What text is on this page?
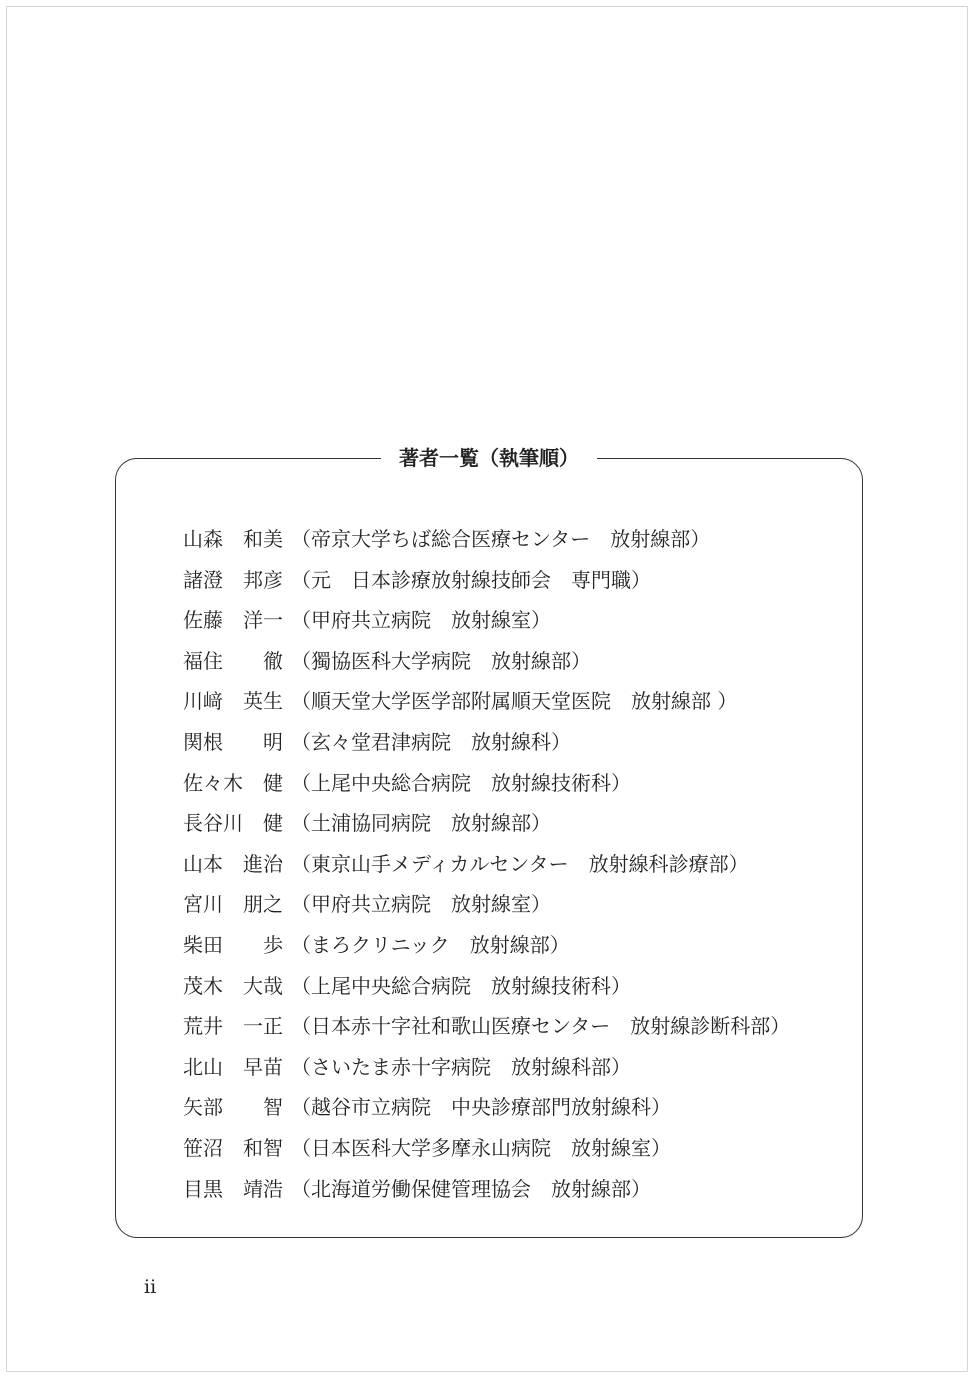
著者一覧（執筆順）
山森　和美 （帝京大学ちば総合医療センター　放射線部）
諸澄　邦彦 （元　日本診療放射線技師会　専門職）
佐藤　洋一 （甲府共立病院　放射線室）
福住　　徹 （獨協医科大学病院　放射線部）
川﨑　英生 （順天堂大学医学部附属順天堂医院　放射線部 ）
関根　　明 （玄々堂君津病院　放射線科）
佐々木　健 （上尾中央総合病院　放射線技術科）
長谷川　健 （土浦協同病院　放射線部）
山本　進治 （東京山手メディカルセンター　放射線科診療部）
宮川　朋之 （甲府共立病院　放射線室）
柴田　　歩 （まろクリニック　放射線部）
茂木　大哉 （上尾中央総合病院　放射線技術科）
荒井　一正 （日本赤十字社和歌山医療センター　放射線診断科部）
北山　早苗 （さいたま赤十字病院　放射線科部）
矢部　　智 （越谷市立病院　中央診療部門放射線科）
笹沼　和智 （日本医科大学多摩永山病院　放射線室）
目黒　靖浩 （北海道労働保健管理協会　放射線部）
ii
